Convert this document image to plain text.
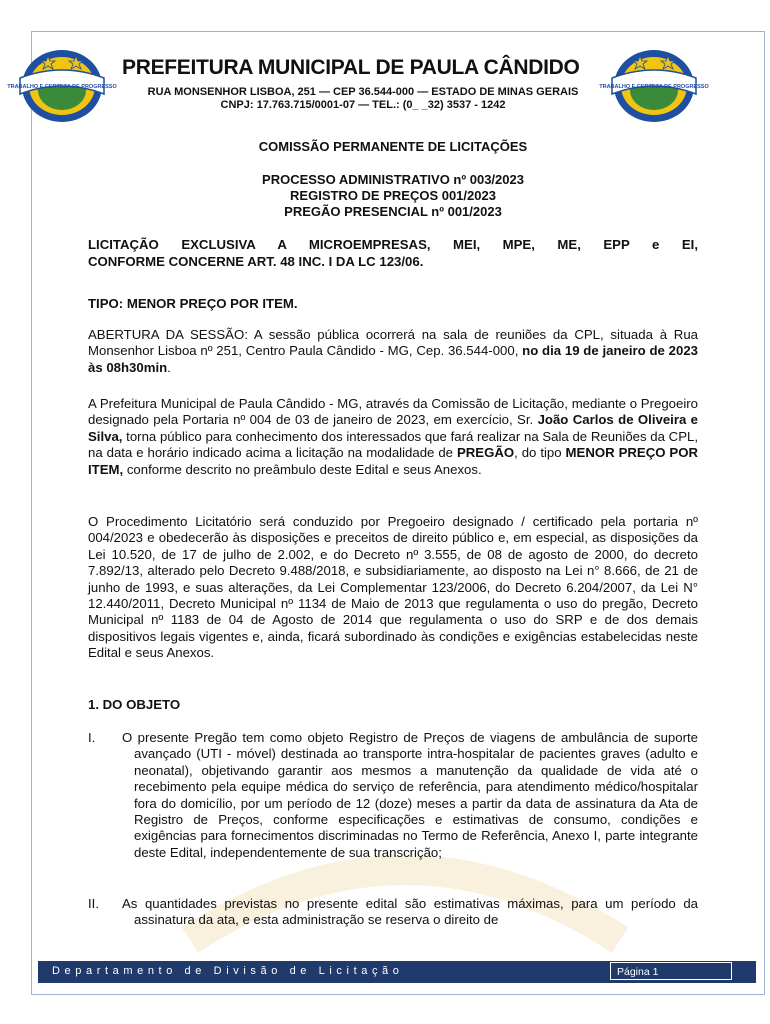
TRABALHO E CERTEZA DE PROGRESSO	TRABALHO E CERTEZA DE PROGRESSO
PREFEITURA MUNICIPAL DE PAULA CÂNDIDO
RUA MONSENHOR LISBOA, 251 — CEP 36.544-000 — ESTADO DE MINAS GERAIS
CNPJ: 17.763.715/0001-07 — TEL.: (0_ _32) 3537 - 1242
COMISSÃO PERMANENTE DE LICITAÇÕES
PROCESSO ADMINISTRATIVO nº 003/2023
REGISTRO DE PREÇOS 001/2023
PREGÃO PRESENCIAL nº 001/2023
LICITAÇÃO EXCLUSIVA A MICROEMPRESAS, MEI, MPE, ME, EPP e EI,
CONFORME CONCERNE ART. 48 INC. I DA LC 123/06.
TIPO: MENOR PREÇO POR ITEM.
ABERTURA DA SESSÃO: A sessão pública ocorrerá na sala de reuniões da CPL, situada à Rua Monsenhor Lisboa nº 251, Centro Paula Cândido - MG, Cep. 36.544-000, no dia 19 de janeiro de 2023 às 08h30min.
A Prefeitura Municipal de Paula Cândido - MG, através da Comissão de Licitação, mediante o Pregoeiro designado pela Portaria nº 004 de 03 de janeiro de 2023, em exercício, Sr. João Carlos de Oliveira e Silva, torna público para conhecimento dos interessados que fará realizar na Sala de Reuniões da CPL, na data e horário indicado acima a licitação na modalidade de PREGÃO, do tipo MENOR PREÇO POR ITEM, conforme descrito no preâmbulo deste Edital e seus Anexos.
O Procedimento Licitatório será conduzido por Pregoeiro designado / certificado pela portaria nº 004/2023 e obedecerão às disposições e preceitos de direito público e, em especial, as disposições da Lei 10.520, de 17 de julho de 2.002, e do Decreto nº 3.555, de 08 de agosto de 2000, do decreto 7.892/13, alterado pelo Decreto 9.488/2018, e subsidiariamente, ao disposto na Lei n° 8.666, de 21 de junho de 1993, e suas alterações, da Lei Complementar 123/2006, do Decreto 6.204/2007, da Lei N° 12.440/2011, Decreto Municipal nº 1134 de Maio de 2013 que regulamenta o uso do pregão, Decreto Municipal nº 1183 de 04 de Agosto de 2014 que regulamenta o uso do SRP e de dos demais dispositivos legais vigentes e, ainda, ficará subordinado às condições e exigências estabelecidas neste Edital e seus Anexos.
1. DO OBJETO
I. O presente Pregão tem como objeto Registro de Preços de viagens de ambulância de suporte avançado (UTI - móvel) destinada ao transporte intra-hospitalar de pacientes graves (adulto e neonatal), objetivando garantir aos mesmos a manutenção da qualidade de vida até o recebimento pela equipe médica do serviço de referência, para atendimento médico/hospitalar fora do domicílio, por um período de 12 (doze) meses a partir da data de assinatura da Ata de Registro de Preços, conforme especificações e estimativas de consumo, condições e exigências para fornecimentos discriminadas no Termo de Referência, Anexo I, parte integrante deste Edital, independentemente de sua transcrição;
II. As quantidades previstas no presente edital são estimativas máximas, para um período da assinatura da ata, e esta administração se reserva o direito de
Departamento de Divisão de Licitação	Página 1
